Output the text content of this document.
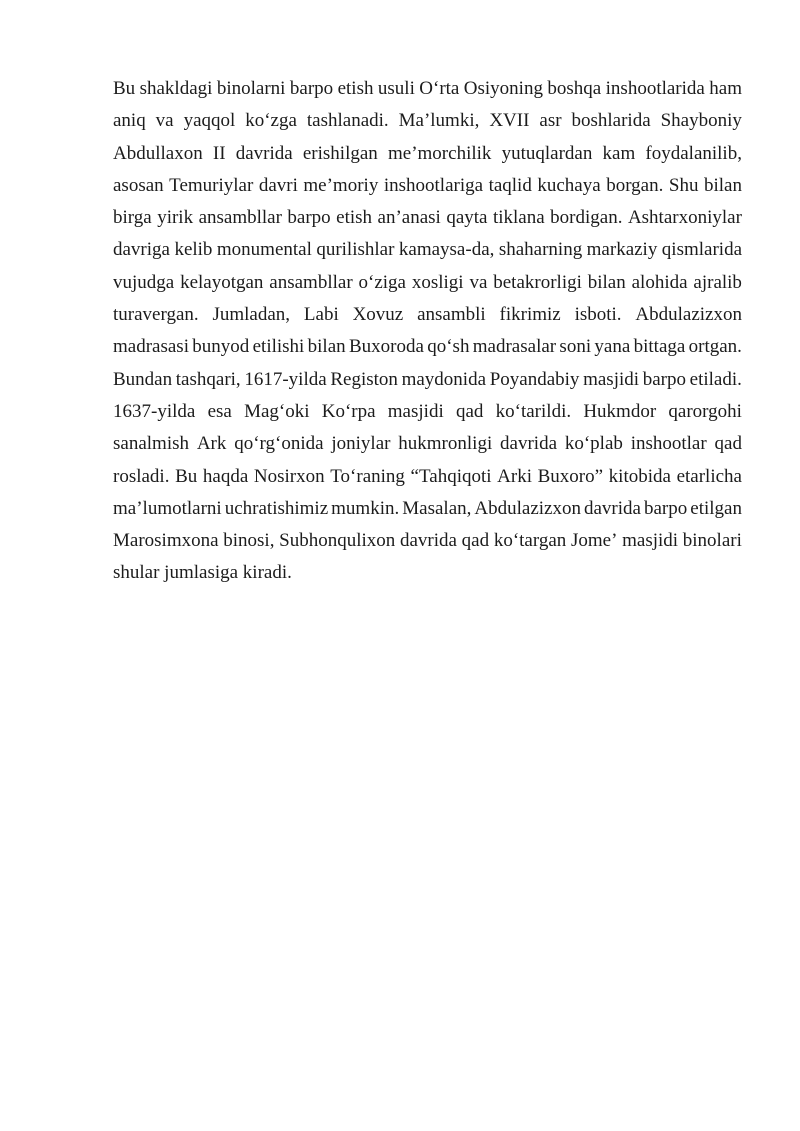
Bu shakldagi binolarni barpo etish usuli Oʻrta Osiyoning boshqa inshootlarida ham
aniq va yaqqol koʻzga tashlanadi. Maʼlumki, XVII asr boshlarida Shayboniy
Abdullaxon II davrida erishilgan meʼmorchilik yutuqlardan kam foydalanilib,
asosan Temuriylar davri meʼmoriy inshootlariga taqlid kuchaya borgan. Shu bilan
birga yirik ansambllar barpo etish anʼanasi qayta tiklana bordigan. Ashtarxoniylar
davriga kelib monumental qurilishlar kamaysa-da, shaharning markaziy qismlarida
vujudga kelayotgan ansambllar oʻziga xosligi va betakrorligi bilan alohida ajralib
turavergan. Jumladan, Labi Xovuz ansambli fikrimiz isboti. Abdulazizxon
madrasasi bunyod etilishi bilan Buxoroda qoʻsh madrasalar soni yana bittaga ortgan.
Bundan tashqari, 1617-yilda Registon maydonida Poyandabiy masjidi barpo etiladi.
1637-yilda esa Magʻoki Koʻrpa masjidi qad koʻtarildi. Hukmdor qarorgohi
sanalmish Ark qoʻrgʻonida joniylar hukmronligi davrida koʻplab inshootlar qad
rosladi. Bu haqda Nosirxon Toʻraning “Tahqiqoti Arki Buxoro” kitobida etarlicha
maʼlumotlarni uchratishimiz mumkin. Masalan, Abdulazizxon davrida barpo etilgan
Marosimxona binosi, Subhonqulixon davrida qad koʻtargan Jomeʼ masjidi binolari
shular jumlasiga kiradi.
